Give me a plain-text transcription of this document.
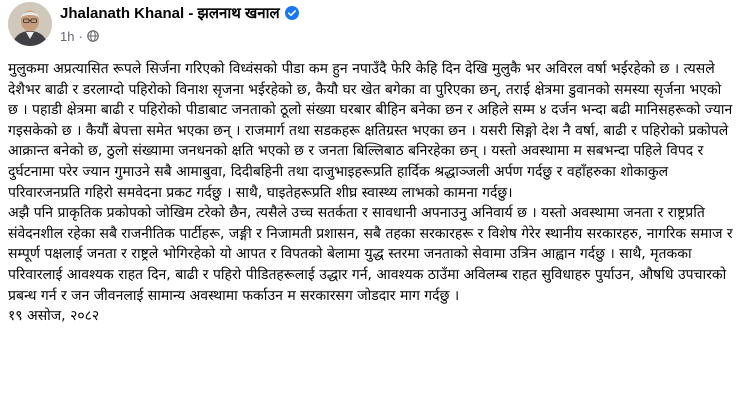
Jhalanath Khanal - झलनाथ खनाल
1h ·

मुलुकमा अप्रत्यासित रूपले सिर्जना गरिएको विध्वंसको पीडा कम हुन नपाउँदै फेरि केहि दिन देखि मुलुकै भर अविरल वर्षा भईरहेको छ । त्यसले देशैभर बाढी र डरलाग्दो पहिरोको विनाश सृजना भईरहेको छ, कैयौ घर खेत बगेका वा पुरिएका छन्, तराई क्षेत्रमा डुवानको समस्या सृर्जना भएको छ । पहाडी क्षेत्रमा बाढी र पहिरोको पीडाबाट जनताको ठूलो संख्या घरबार बीहिन बनेका छन र अहिले सम्म ४ दर्जन भन्दा बढी मानिसहरूको ज्यान गइसकेको छ । कैयौं बेपत्ता समेत भएका छन् । राजमार्ग तथा सडकहरू क्षतिग्रस्त भएका छन । यसरी सिङ्गो देश नै वर्षा, बाढी र पहिरोको प्रकोपले आक्रान्त बनेको छ, ठुलो संख्यामा जनधनको क्षति भएको छ र जनता बिल्लिबाठ बनिरहेका छन् । यस्तो अवस्थामा म सबभन्दा पहिले विपद र दुर्घटनामा परेर ज्यान गुमाउने सबै आमाबुवा, दिदीबहिनी तथा दाजुभाइहरूप्रति हार्दिक श्रद्धाञ्जली अर्पण गर्दछु र वहाँहरुका शोकाकुल परिवारजनप्रति गहिरो समवेदना प्रकट गर्दछु । साथै, घाइतेहरूप्रति शीघ्र स्वास्थ्य लाभको कामना गर्दछु।

अझै पनि प्राकृतिक प्रकोपको जोखिम टरेको छैन, त्यसैले उच्च सतर्कता र सावधानी अपनाउनु अनिवार्य छ । यस्तो अवस्थामा जनता र राष्ट्रप्रति संवेदनशील रहेका सबै राजनीतिक पार्टीहरू, जङ्गी र निजामती प्रशासन, सबै तहका सरकारहरू र विशेष गेरेर स्थानीय सरकारहरु, नागरिक समाज र सम्पूर्ण पक्षलाई जनता र राष्ट्रले भोगिरहेको यो आपत र विपतको बेलामा युद्ध स्तरमा जनताको सेवामा उत्रिन आह्वान गर्दछु । साथै, मृतकका परिवारलाई आवश्यक राहत दिन, बाढी र पहिरो पीडितहरूलाई उद्धार गर्न, आवश्यक ठाउँमा अविलम्ब राहत सुविधाहरु पुर्याउन, औषधि उपचारको प्रबन्ध गर्न र जन जीवनलाई सामान्य अवस्थामा फर्काउन म सरकारसग जोडदार माग गर्दछु ।

१९ असोज, २०८२
